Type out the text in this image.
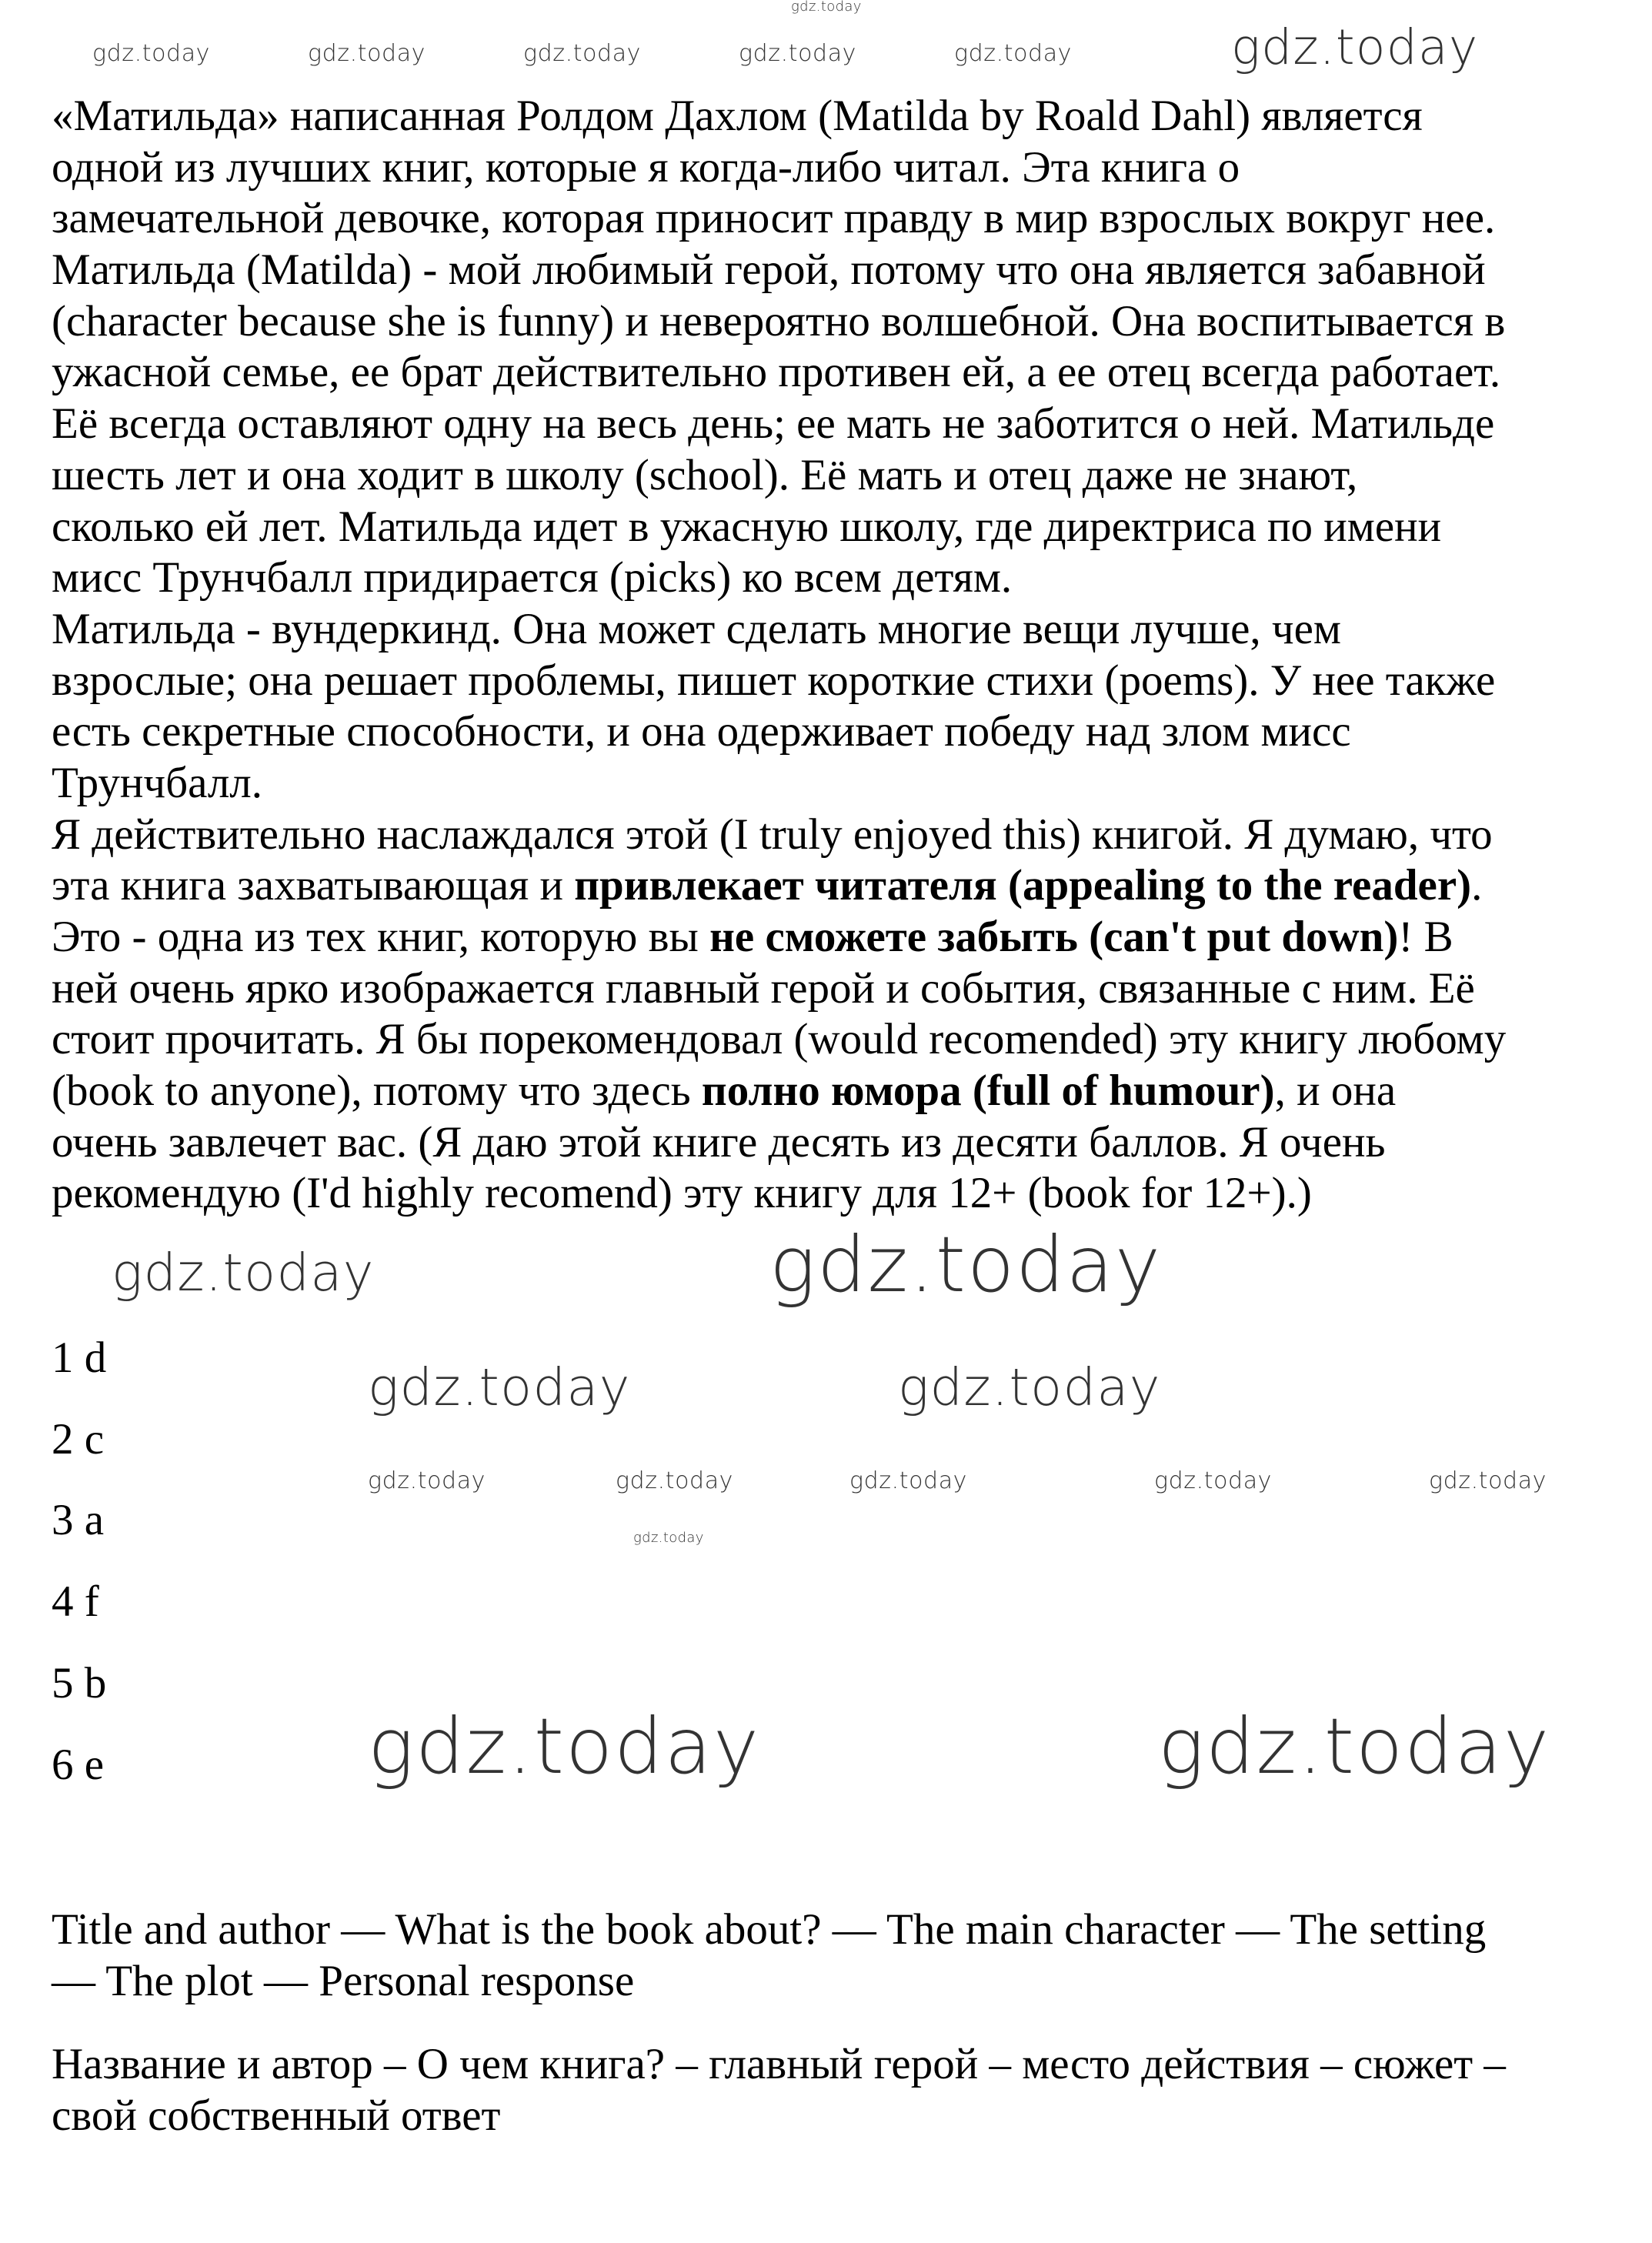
«Матильда» написанная Ролдом Дахлом (Matilda by Roald Dahl) является
одной из лучших книг, которые я когда-либо читал. Эта книга о
замечательной девочке, которая приносит правду в мир взрослых вокруг нее.
Матильда (Matilda) - мой любимый герой, потому что она является забавной
(character because she is funny) и невероятно волшебной. Она воспитывается в
ужасной семье, ее брат действительно противен ей, а ее отец всегда работает.
Её всегда оставляют одну на весь день; ее мать не заботится о ней. Матильде
шесть лет и она ходит в школу (school). Её мать и отец даже не знают,
сколько ей лет. Матильда идет в ужасную школу, где директриса по имени
мисс Трунчбалл придирается (picks) ко всем детям.
Матильда - вундеркинд. Она может сделать многие вещи лучше, чем
взрослые; она решает проблемы, пишет короткие стихи (poems). У нее также
есть секретные способности, и она одерживает победу над злом мисс
Трунчбалл.
Я действительно наслаждался этой (I truly enjoyed this) книгой. Я думаю, что
эта книга захватывающая и привлекает читателя (appealing to the reader).
Это - одна из тех книг, которую вы не сможете забыть (can't put down)! В
ней очень ярко изображается главный герой и события, связанные с ним. Её
стоит прочитать. Я бы порекомендовал (would recomended) эту книгу любому
(book to anyone), потому что здесь полно юмора (full of humour), и она
очень завлечет вас. (Я даю этой книге десять из десяти баллов. Я очень
рекомендую (I'd highly recomend) эту книгу для 12+ (book for 12+).)
1 d
2 c
3 a
4 f
5 b
6 e
Title and author — What is the book about? — The main character — The setting
— The plot — Personal response
Название и автор – О чем книга? – главный герой – место действия – сюжет –
свой собственный ответ
gdz.today
gdz.today	gdz.today	gdz.today	gdz.today	gdz.today	gdz.today
gdz.today	gdz.today
gdz.today	gdz.today
gdz.today	gdz.today	gdz.today	gdz.today	gdz.today
gdz.today
gdz.today	gdz.today
